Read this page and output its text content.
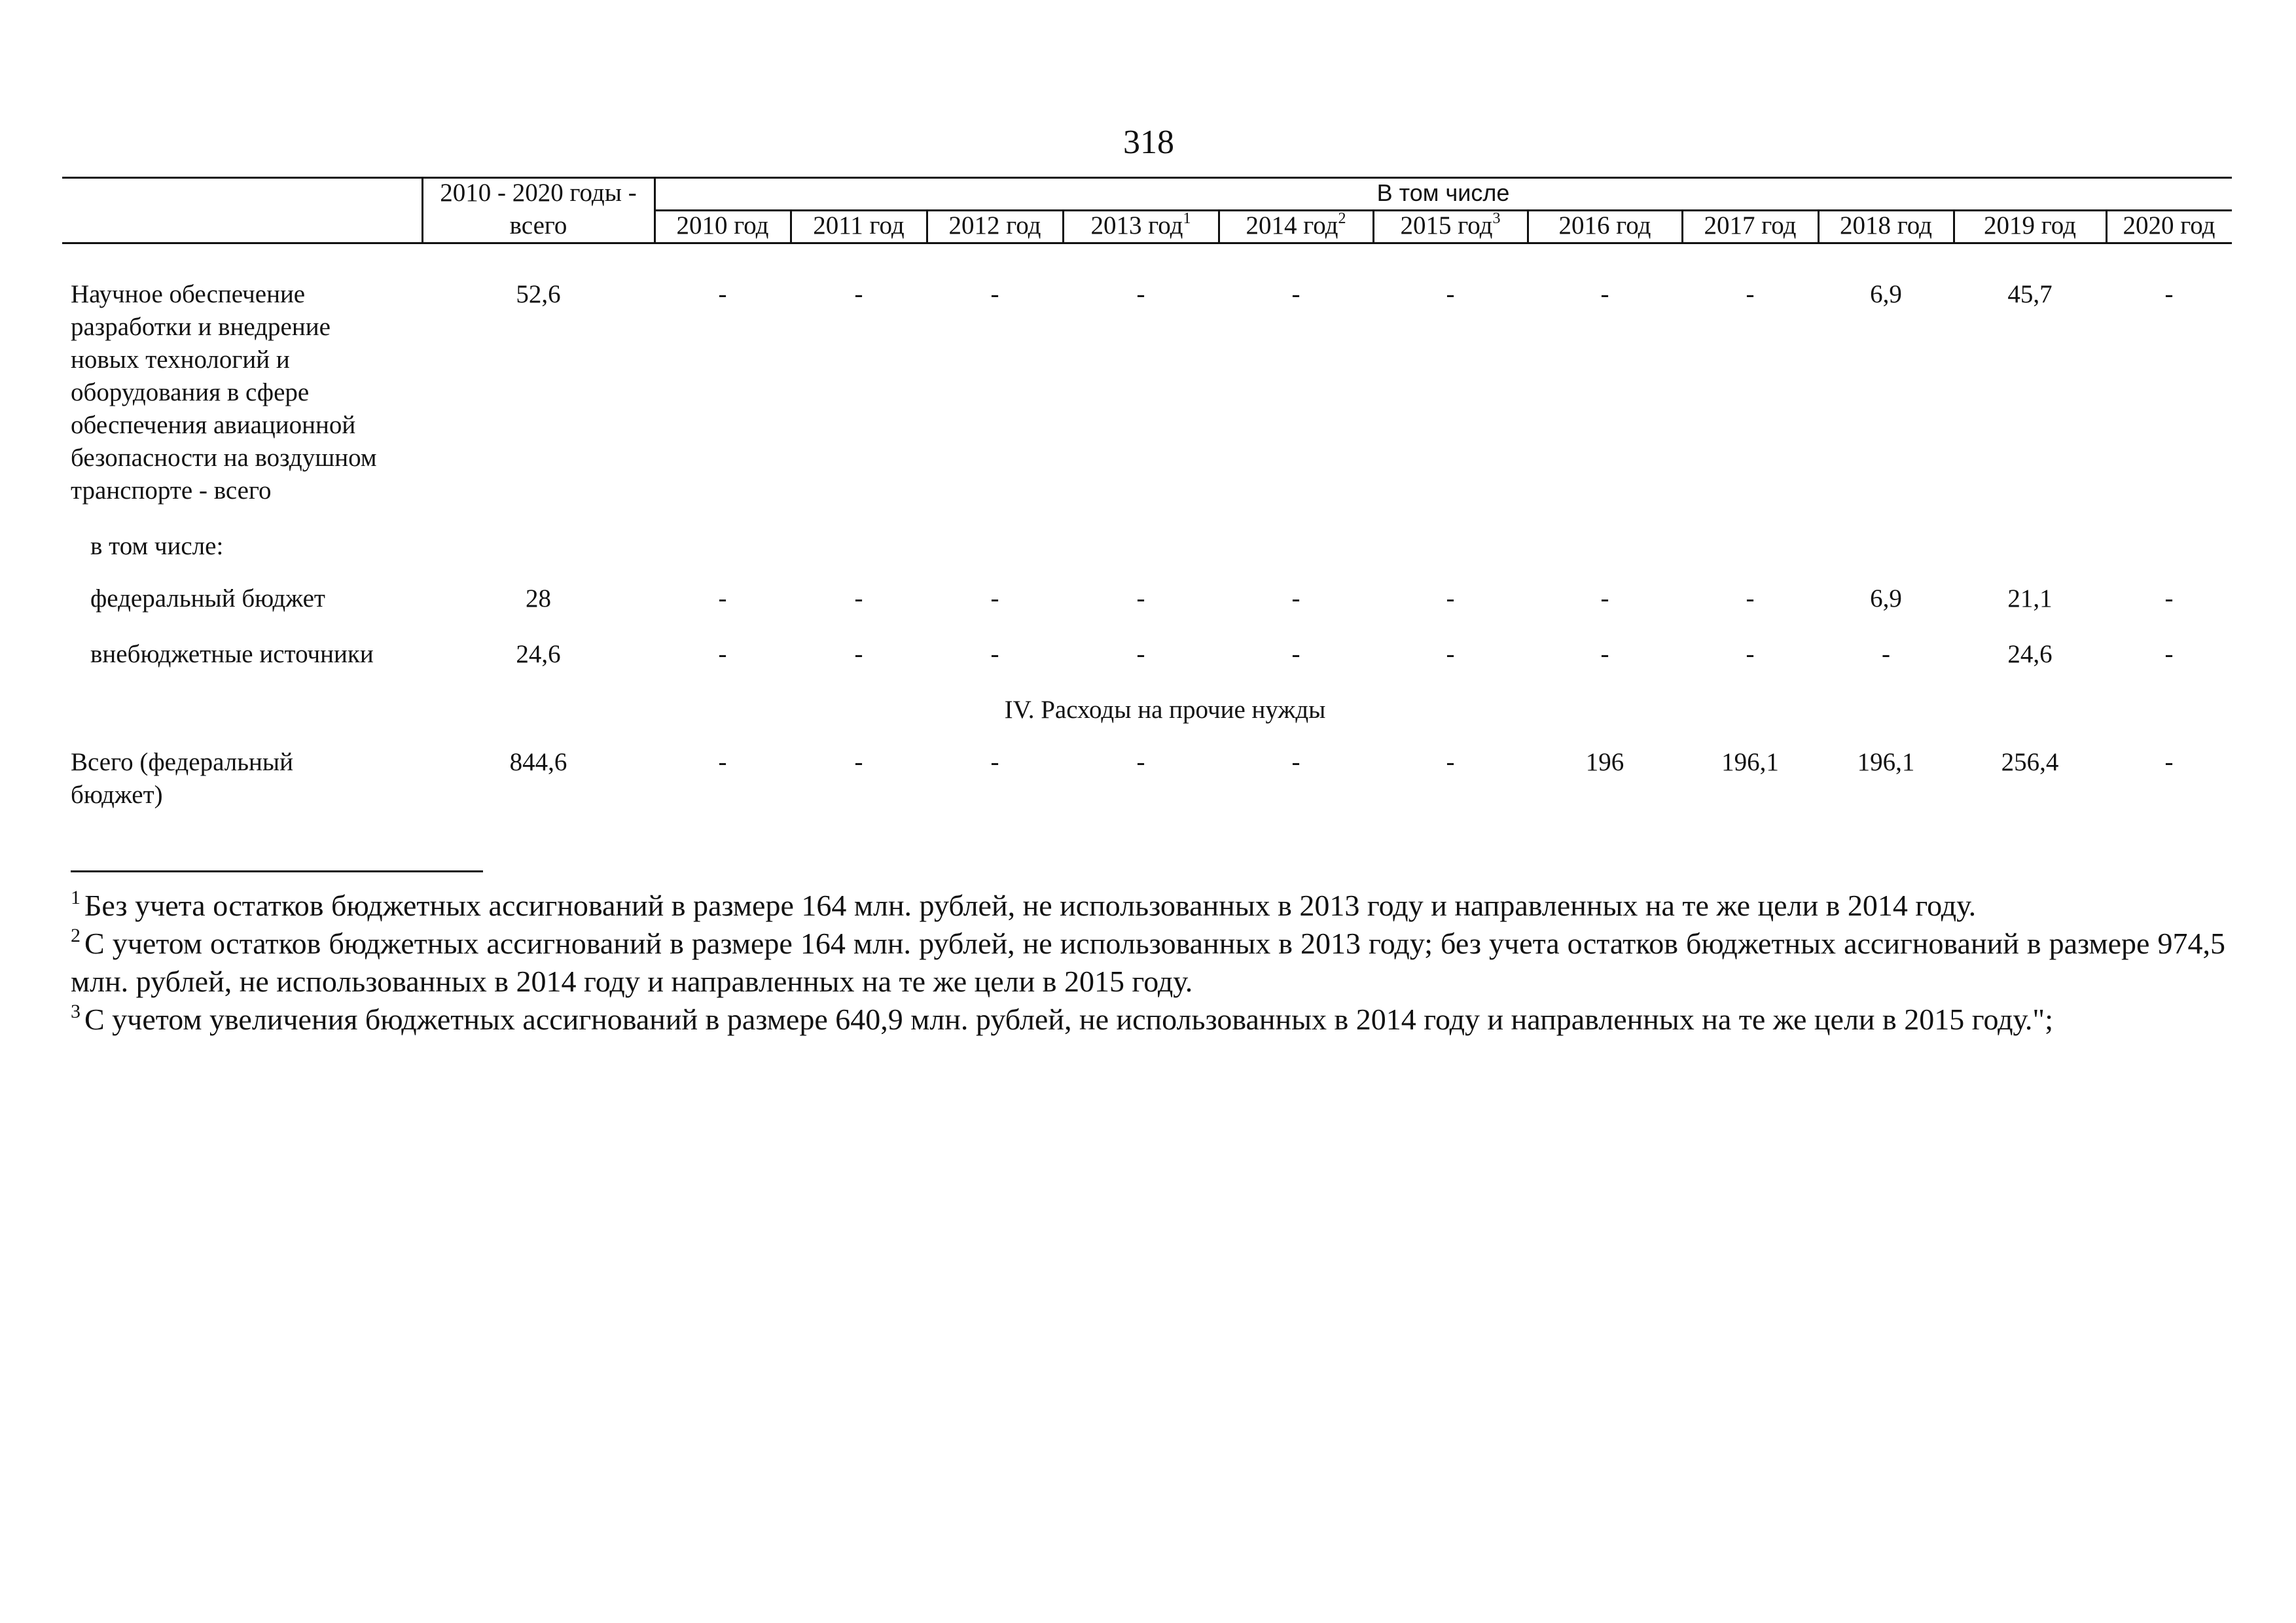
318
2010 - 2020 годы -
всего
В том числе
2010 год	2011 год	2012 год	2013 год$^1$	2014 год$^2$	2015 год$^3$	2016 год	2017 год	2018 год	2019 год	2020 год
Научное обеспечение
разработки и внедрение
новых технологий и
оборудования в сфере
обеспечения авиационной
безопасности на воздушном
транспорте - всего
52,6	-	-	-	-	-	-	-	-	6,9	45,7	-
в том числе:
федеральный бюджет	28	-	-	-	-	-	-	-	-	6,9	21,1	-
внебюджетные источники	24,6	-	-	-	-	-	-	-	-	-	24,6	-
Всего (федеральный
бюджет)
844,6	-	-	-	-	-	-	196	196,1	196,1	256,4	-
IV. Расходы на прочие нужды

$^1$ Без учета остатков бюджетных ассигнований в размере 164 млн. рублей, не использованных в 2013 году и направленных на те же цели в 2014 году.

$^2$ С учетом остатков бюджетных ассигнований в размере 164 млн. рублей, не использованных в 2013 году; без учета остатков бюджетных ассигнований в размере 974,5 млн. рублей, не использованных в 2014 году и направленных на те же цели в 2015 году.

$^3$ С учетом увеличения бюджетных ассигнований в размере 640,9 млн. рублей, не использованных в 2014 году и направленных на те же цели в 2015 году.";
